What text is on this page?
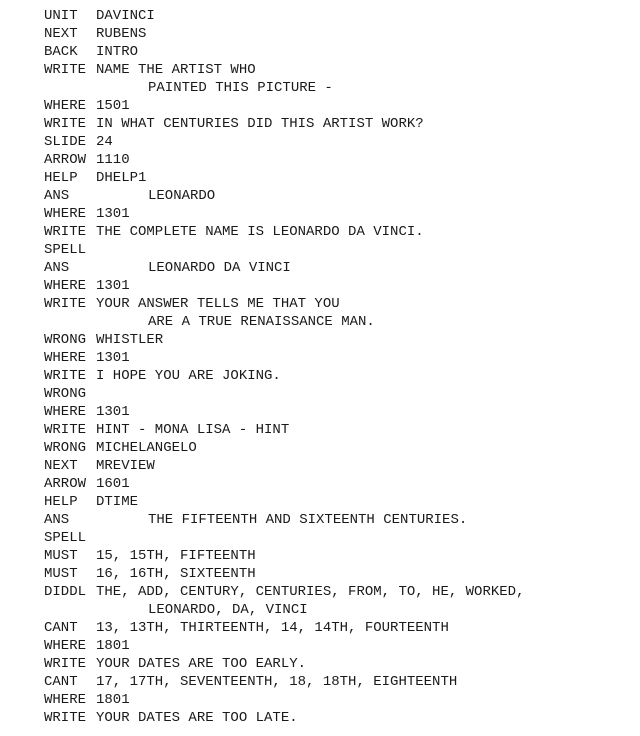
UNIT	DAVINCI
NEXT	RUBENS
BACK	INTRO
WRITE NAME THE ARTIST WHO
PAINTED THIS PICTURE -
WHERE 1501
WRITE IN WHAT CENTURIES DID THIS ARTIST WORK?
SLIDE 24
ARROW 1110
HELP	DHELP1
ANS	LEONARDO
WHERE 1301
WRITE THE COMPLETE NAME IS LEONARDO DA VINCI.
SPELL
ANS	LEONARDO DA VINCI
WHERE 1301
WRITE YOUR ANSWER TELLS ME THAT YOU
ARE A TRUE RENAISSANCE MAN.
WRONG WHISTLER
WHERE 1301
WRITE I HOPE YOU ARE JOKING.
WRONG
WHERE 1301
WRITE HINT - MONA LISA - HINT
WRONG MICHELANGELO
NEXT	MREVIEW
ARROW 1601
HELP	DTIME
ANS	THE FIFTEENTH AND SIXTEENTH CENTURIES.
SPELL
MUST	15, 15TH, FIFTEENTH
MUST	16, 16TH, SIXTEENTH
DIDDL THE, ADD, CENTURY, CENTURIES, FROM, TO, HE, WORKED,
LEONARDO, DA, VINCI
CANT	13, 13TH, THIRTEENTH, 14, 14TH, FOURTEENTH
WHERE 1801
WRITE YOUR DATES ARE TOO EARLY.
CANT	17, 17TH, SEVENTEENTH, 18, 18TH, EIGHTEENTH
WHERE 1801
WRITE YOUR DATES ARE TOO LATE.
